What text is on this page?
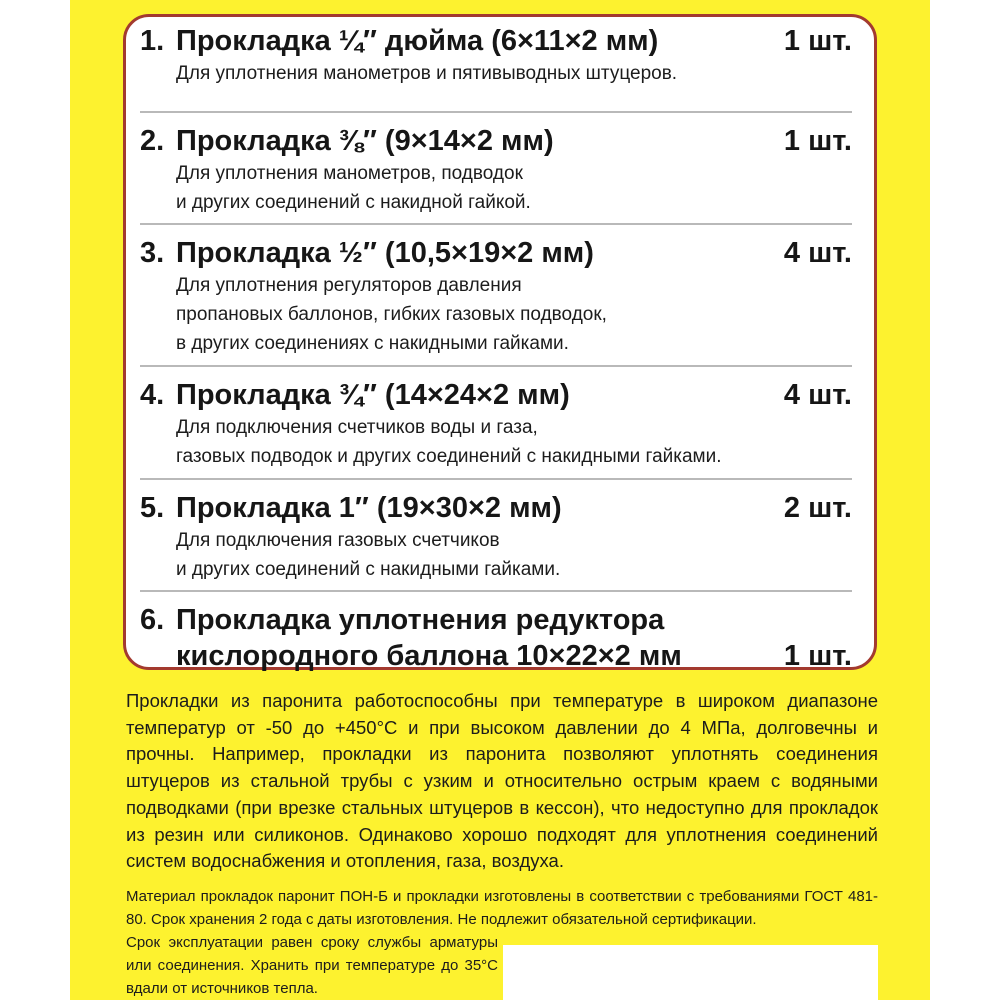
1. Прокладка ¼″ дюйма (6×11×2 мм)	1 шт.
Для уплотнения манометров и пятивыводных штуцеров.
2. Прокладка ⅜″ (9×14×2 мм)	1 шт.
Для уплотнения манометров, подводок
и других соединений с накидной гайкой.
3. Прокладка ½″ (10,5×19×2 мм)	4 шт.
Для уплотнения регуляторов давления
пропановых баллонов, гибких газовых подводок,
в других соединениях с накидными гайками.
4. Прокладка ¾″ (14×24×2 мм)	4 шт.
Для подключения счетчиков воды и газа,
газовых подводок и других соединений с накидными гайками.
5. Прокладка 1″ (19×30×2 мм)	2 шт.
Для подключения газовых счетчиков
и других соединений с накидными гайками.
6. Прокладка уплотнения редуктора
кислородного баллона 10×22×2 мм	1 шт.

Прокладки из паронита работоспособны при температуре в широком диапазоне температур от -50 до +450°С и при высоком давлении до 4 МПа, долговечны и прочны. Например, прокладки из паронита позволяют уплотнять соединения штуцеров из стальной трубы с узким и относительно острым краем с водяными подводками (при врезке стальных штуцеров в кессон), что недоступно для прокладок из резин или силиконов. Одинаково хорошо подходят для уплотнения соединений систем водоснабжения и отопления, газа, воздуха.

Материал прокладок паронит ПОН-Б и прокладки изготовлены в соответствии с требованиями ГОСТ 481-80. Срок хранения 2 года с даты изготовления. Не подлежит обязательной сертификации.

Срок эксплуатации равен сроку службы арматуры или соединения. Хранить при температуре до 35°С вдали от источников тепла.
